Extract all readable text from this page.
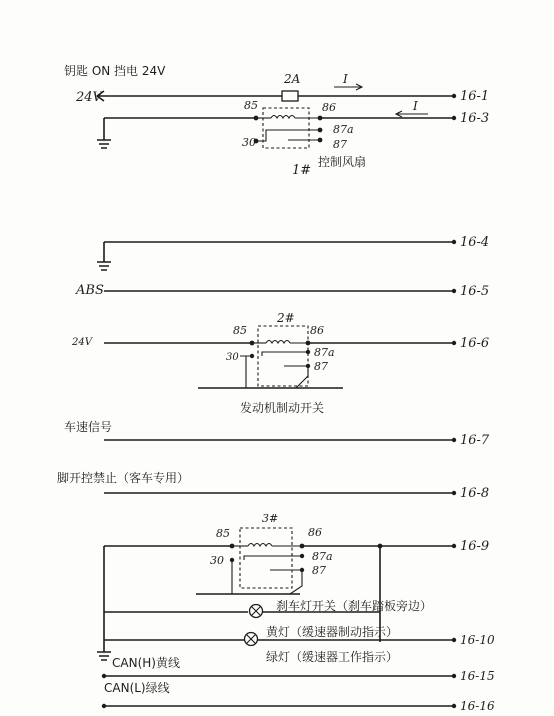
钥匙 ON 挡电 24V
24V
2A	I
16-1
85	86	I
16-3
30
87a
87
1#
控制风扇
16-4
ABS	16-5
24V
85
2#
86
16-6
30	87a
87
发动机制动开关
车速信号
16-7
脚开控禁止（客车专用）
16-8
85
3#
86
16-9
30	87a
87
刹车灯开关（刹车踏板旁边）
黄灯（缓速器制动指示）
16-10
绿灯（缓速器工作指示）
CAN(H)黄线
16-15
CAN(L)绿线
16-16
